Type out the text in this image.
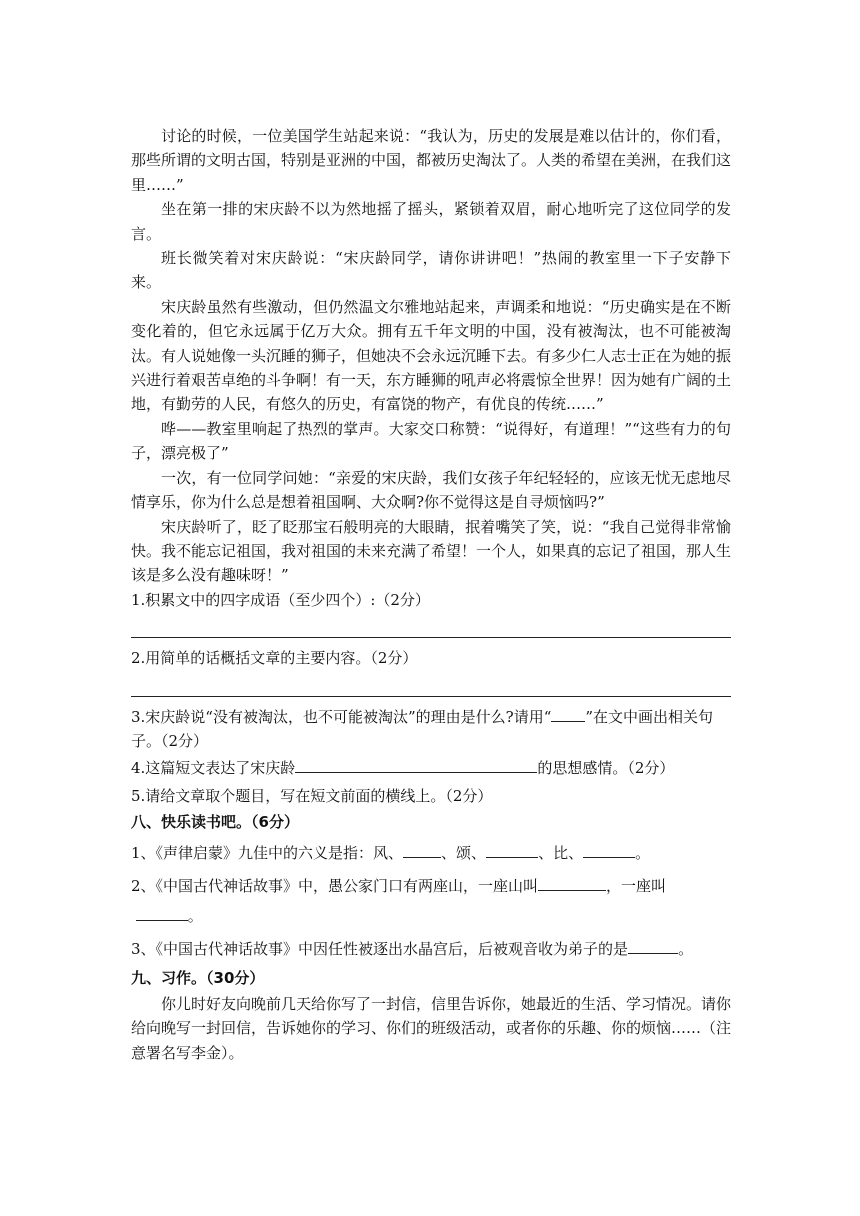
讨论的时候，一位美国学生站起来说：“我认为，历史的发展是难以估计的，你们看，那些所谓的文明古国，特别是亚洲的中国，都被历史淘汰了。人类的希望在美洲，在我们这里……”

坐在第一排的宋庆龄不以为然地摇了摇头，紧锁着双眉，耐心地听完了这位同学的发言。

班长微笑着对宋庆龄说：“宋庆龄同学，请你讲讲吧！”热闹的教室里一下子安静下来。

宋庆龄虽然有些激动，但仍然温文尔雅地站起来，声调柔和地说：“历史确实是在不断变化着的，但它永远属于亿万大众。拥有五千年文明的中国，没有被淘汰，也不可能被淘汰。有人说她像一头沉睡的狮子，但她决不会永远沉睡下去。有多少仁人志士正在为她的振兴进行着艰苦卓绝的斗争啊！有一天，东方睡狮的吼声必将震惊全世界！因为她有广阔的土地，有勤劳的人民，有悠久的历史，有富饶的物产，有优良的传统……”

哗——教室里响起了热烈的掌声。大家交口称赞：“说得好，有道理！”“这些有力的句子，漂亮极了”

一次，有一位同学问她：“亲爱的宋庆龄，我们女孩子年纪轻轻的，应该无忧无虑地尽情享乐，你为什么总是想着祖国啊、大众啊?你不觉得这是自寻烦恼吗?”

宋庆龄听了，眨了眨那宝石般明亮的大眼睛，抿着嘴笑了笑，说：“我自己觉得非常愉快。我不能忘记祖国，我对祖国的未来充满了希望！一个人，如果真的忘记了祖国，那人生该是多么没有趣味呀！”

1.积累文中的四字成语（至少四个）:（2分）

2.用简单的话概括文章的主要内容。（2分）

3.宋庆龄说“没有被淘汰，也不可能被淘汰”的理由是什么?请用“ ”在文中画出相关句子。（2分）

4.这篇短文表达了宋庆龄	的思想感情。（2分）

5.请给文章取个题目，写在短文前面的横线上。（2分）

八、快乐读书吧。（6分）

1、《声律启蒙》九佳中的六义是指：风、	、颂、	、比、	。

2、《中国古代神话故事》中，愚公家门口有两座山，一座山叫	，一座叫
。

3、《中国古代神话故事》中因任性被逐出水晶宫后，后被观音收为弟子的是	。

九、习作。（30分）

你儿时好友向晚前几天给你写了一封信，信里告诉你，她最近的生活、学习情况。请你给向晚写一封回信，告诉她你的学习、你们的班级活动，或者你的乐趣、你的烦恼……（注意署名写李金）。
